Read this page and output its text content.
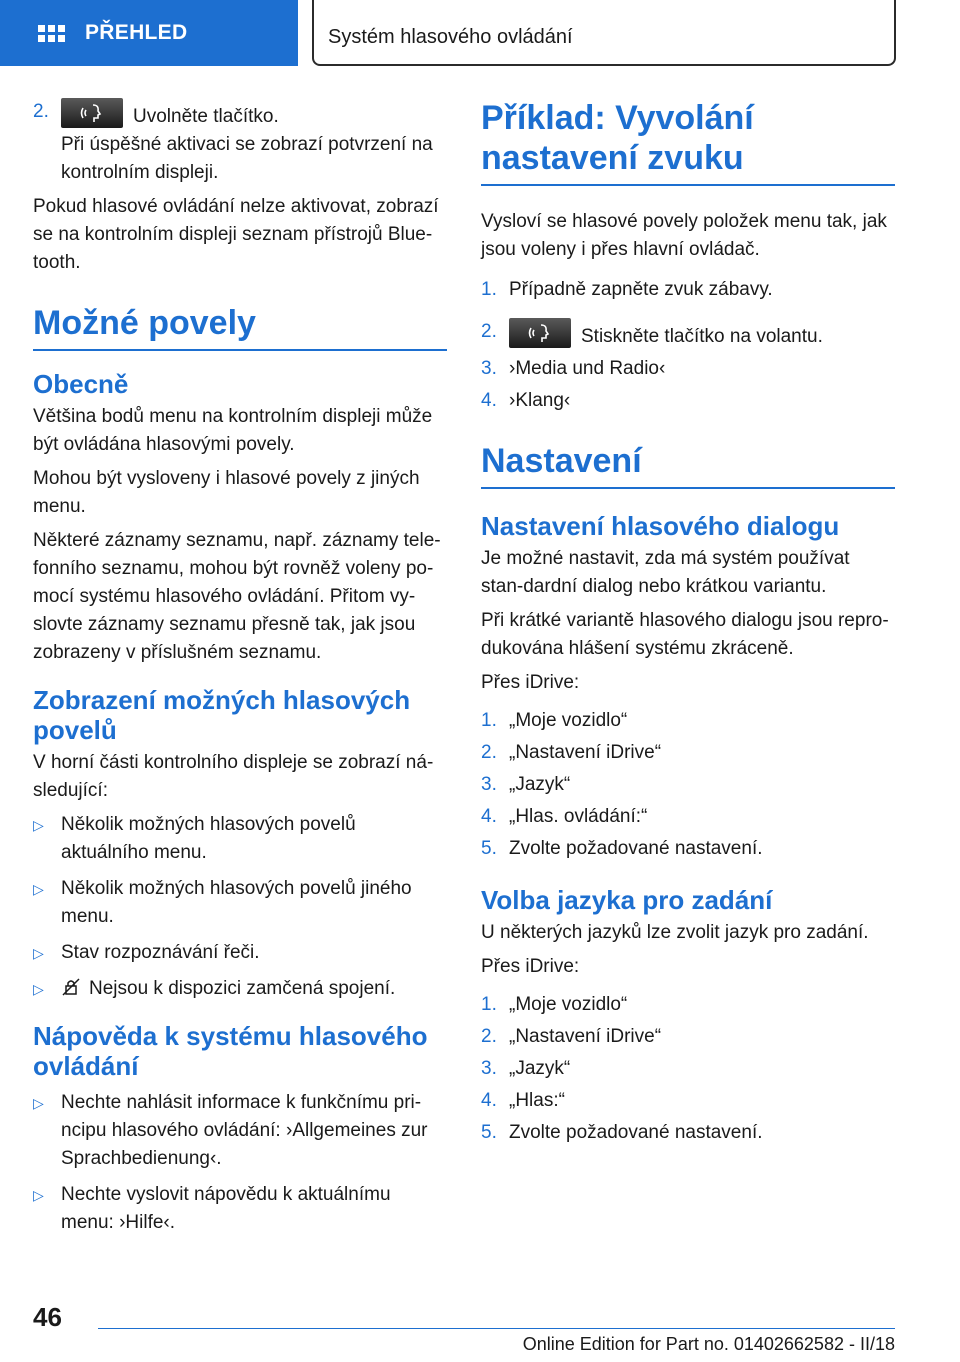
PŘEHLED	Systém hlasového ovládání
2.	Uvolněte tlačítko.

Při úspěšné aktivaci se zobrazí potvrzení na kontrolním displeji.

Pokud hlasové ovládání nelze aktivovat, zobrazí se na kontrolním displeji seznam přístrojů Blue-tooth.

Možné povely
Obecně

Většina bodů menu na kontrolním displeji může být ovládána hlasovými povely.

Mohou být vysloveny i hlasové povely z jiných menu.

Některé záznamy seznamu, např. záznamy tele-fonního seznamu, mohou být rovněž voleny po-mocí systému hlasového ovládání. Přitom vy-slovte záznamy seznamu přesně tak, jak jsou zobrazeny v příslušném seznamu.

Zobrazení možných hlasových povelů

V horní části kontrolního displeje se zobrazí ná-sledující:

▷ Několik možných hlasových povelů aktuálního menu.
▷ Několik možných hlasových povelů jiného menu.
▷ Stav rozpoznávání řeči.
▷	Nejsou k dispozici zamčená spojení.
Nápověda k systému hlasového ovládání
▷ Nechte nahlásit informace k funkčnímu pri-ncipu hlasového ovládání: ›Allgemeines zur Sprachbedienung‹.
▷ Nechte vyslovit nápovědu k aktuálnímu menu: ›Hilfe‹.
Příklad: Vyvolání nastavení zvuku

Vysloví se hlasové povely položek menu tak, jak jsou voleny i přes hlavní ovládač.

1. Případně zapněte zvuk zábavy.
2.	Stiskněte tlačítko na volantu.
3. ›Media und Radio‹
4. ›Klang‹
Nastavení
Nastavení hlasového dialogu

Je možné nastavit, zda má systém používat stan-dardní dialog nebo krátkou variantu.

Při krátké variantě hlasového dialogu jsou repro-dukována hlášení systému zkráceně.

Přes iDrive:

1. „Moje vozidlo“
2. „Nastavení iDrive“
3. „Jazyk“
4. „Hlas. ovládání:“
5. Zvolte požadované nastavení.
Volba jazyka pro zadání

U některých jazyků lze zvolit jazyk pro zadání.

Přes iDrive:

1. „Moje vozidlo“
2. „Nastavení iDrive“
3. „Jazyk“
4. „Hlas:“
5. Zvolte požadované nastavení.
46
Online Edition for Part no. 01402662582 - II/18
